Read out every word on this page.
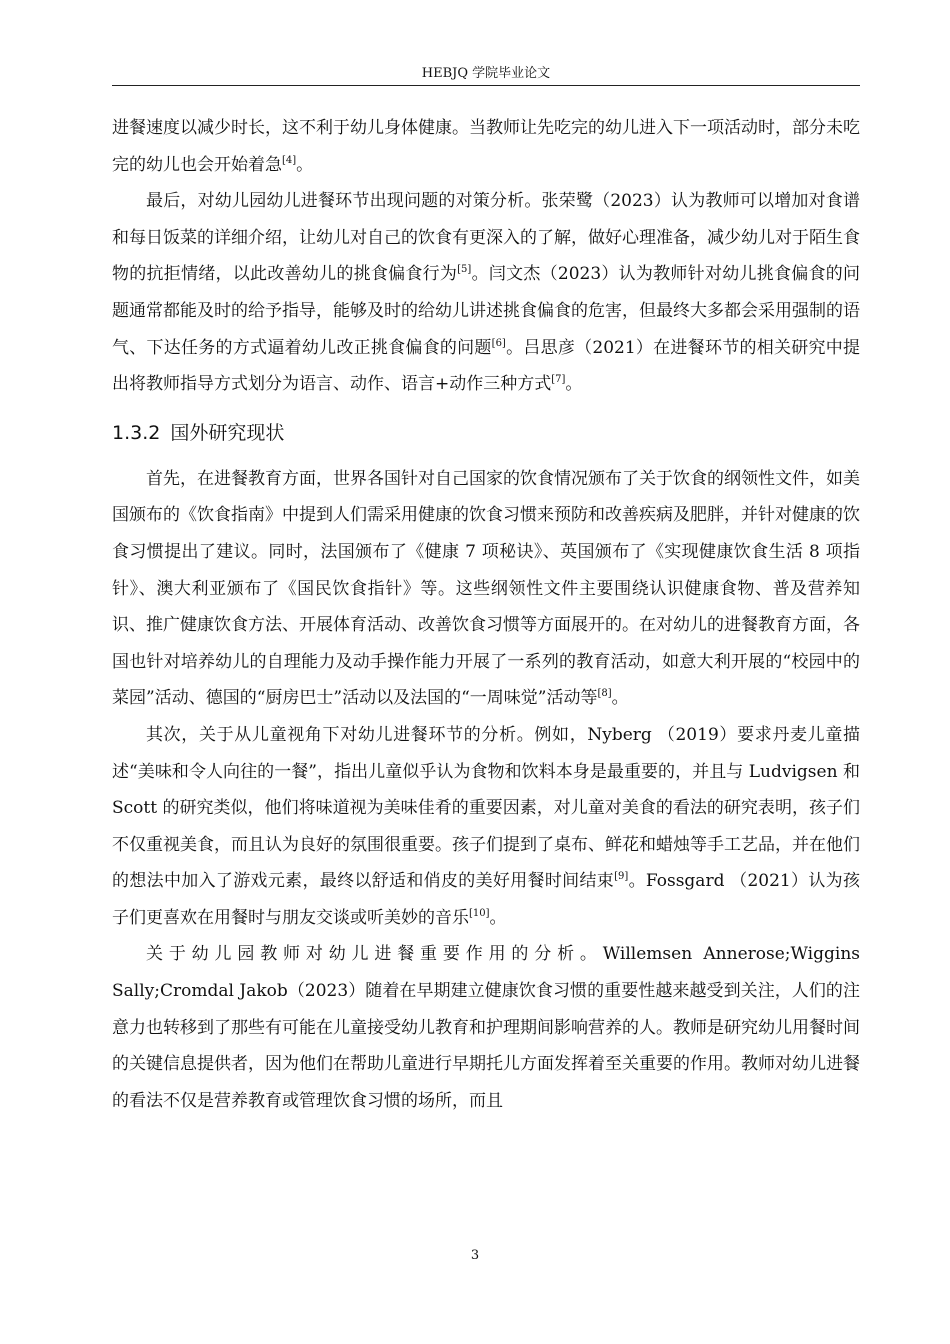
HEBJQ 学院毕业论文

进餐速度以减少时长，这不利于幼儿身体健康。当教师让先吃完的幼儿进入下一项活动时，部分未吃完的幼儿也会开始着急[4]。

最后，对幼儿园幼儿进餐环节出现问题的对策分析。张荣鹭（2023）认为教师可以增加对食谱和每日饭菜的详细介绍，让幼儿对自己的饮食有更深入的了解，做好心理准备，减少幼儿对于陌生食物的抗拒情绪，以此改善幼儿的挑食偏食行为[5]。闫文杰（2023）认为教师针对幼儿挑食偏食的问题通常都能及时的给予指导，能够及时的给幼儿讲述挑食偏食的危害，但最终大多都会采用强制的语气、下达任务的方式逼着幼儿改正挑食偏食的问题[6]。吕思彦（2021）在进餐环节的相关研究中提出将教师指导方式划分为语言、动作、语言+动作三种方式[7]。

1.3.2 国外研究现状

首先，在进餐教育方面，世界各国针对自己国家的饮食情况颁布了关于饮食的纲领性文件，如美国颁布的《饮食指南》中提到人们需采用健康的饮食习惯来预防和改善疾病及肥胖，并针对健康的饮食习惯提出了建议。同时，法国颁布了《健康 7 项秘诀》、英国颁布了《实现健康饮食生活 8 项指针》、澳大利亚颁布了《国民饮食指针》等。这些纲领性文件主要围绕认识健康食物、普及营养知识、推广健康饮食方法、开展体育活动、改善饮食习惯等方面展开的。在对幼儿的进餐教育方面，各国也针对培养幼儿的自理能力及动手操作能力开展了一系列的教育活动，如意大利开展的“校园中的菜园”活动、德国的“厨房巴士”活动以及法国的“一周味觉”活动等[8]。

其次，关于从儿童视角下对幼儿进餐环节的分析。例如，Nyberg （2019）要求丹麦儿童描述“美味和令人向往的一餐”，指出儿童似乎认为食物和饮料本身是最重要的，并且与 Ludvigsen 和 Scott 的研究类似，他们将味道视为美味佳肴的重要因素，对儿童对美食的看法的研究表明，孩子们不仅重视美食，而且认为良好的氛围很重要。孩子们提到了桌布、鲜花和蜡烛等手工艺品，并在他们的想法中加入了游戏元素，最终以舒适和俏皮的美好用餐时间结束[9]。Fossgard （2021）认为孩子们更喜欢在用餐时与朋友交谈或听美妙的音乐[10]。

关于幼儿园教师对幼儿进餐重要作用的分析。Willemsen Annerose;Wiggins Sally;Cromdal Jakob（2023）随着在早期建立健康饮食习惯的重要性越来越受到关注，人们的注意力也转移到了那些有可能在儿童接受幼儿教育和护理期间影响营养的人。教师是研究幼儿用餐时间的关键信息提供者，因为他们在帮助儿童进行早期托儿方面发挥着至关重要的作用。教师对幼儿进餐的看法不仅是营养教育或管理饮食习惯的场所，而且

3
